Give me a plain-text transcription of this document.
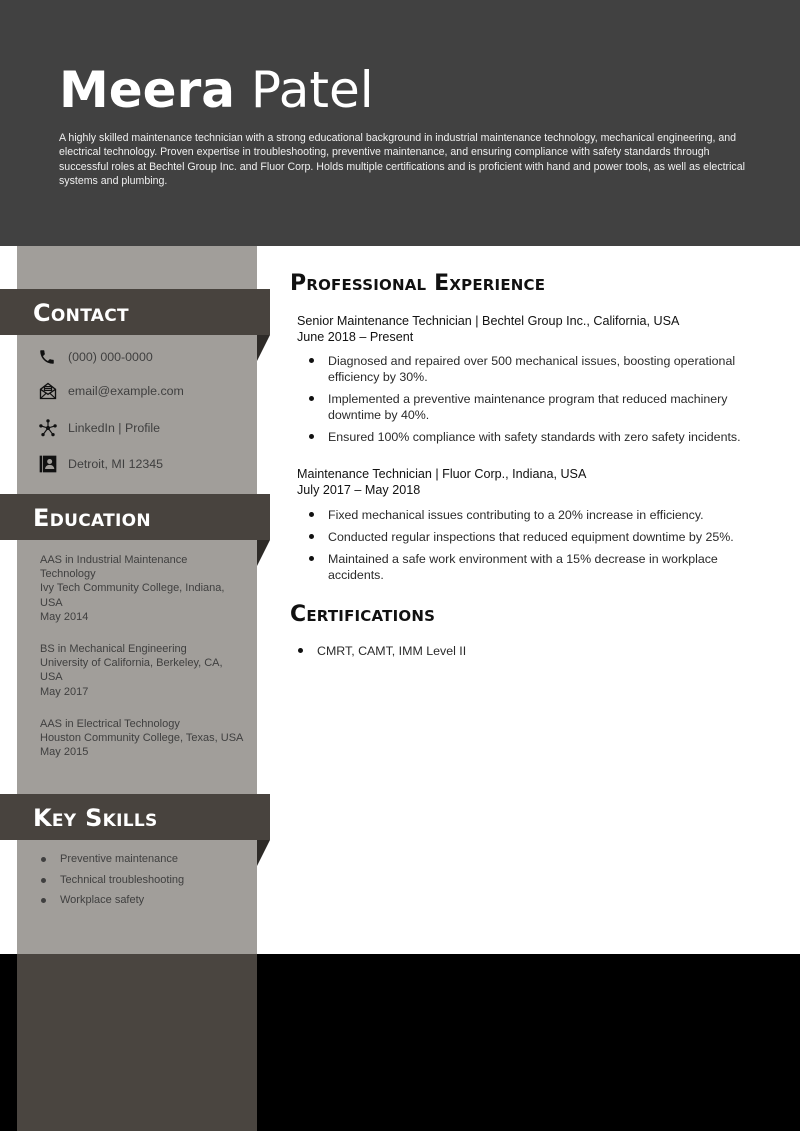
Meera Patel

A highly skilled maintenance technician with a strong educational background in industrial maintenance technology, mechanical engineering, and electrical technology. Proven expertise in troubleshooting, preventive maintenance, and ensuring compliance with safety standards through successful roles at Bechtel Group Inc. and Fluor Corp. Holds multiple certifications and is proficient with hand and power tools, as well as electrical systems and plumbing.

Contact
(000) 000-0000
email@example.com
LinkedIn | Profile
Detroit, MI 12345
Education
AAS in Industrial Maintenance Technology
Ivy Tech Community College, Indiana, USA
May 2014
BS in Mechanical Engineering
University of California, Berkeley, CA, USA
May 2017
AAS in Electrical Technology
Houston Community College, Texas, USA
May 2015
Key Skills
Preventive maintenance
Technical troubleshooting
Workplace safety
Professional Experience
Senior Maintenance Technician | Bechtel Group Inc., California, USA
June 2018 – Present
Diagnosed and repaired over 500 mechanical issues, boosting operational efficiency by 30%.
Implemented a preventive maintenance program that reduced machinery downtime by 40%.
Ensured 100% compliance with safety standards with zero safety incidents.
Maintenance Technician | Fluor Corp., Indiana, USA
July 2017 – May 2018
Fixed mechanical issues contributing to a 20% increase in efficiency.
Conducted regular inspections that reduced equipment downtime by 25%.
Maintained a safe work environment with a 15% decrease in workplace accidents.
Certifications
CMRT, CAMT, IMM Level II
